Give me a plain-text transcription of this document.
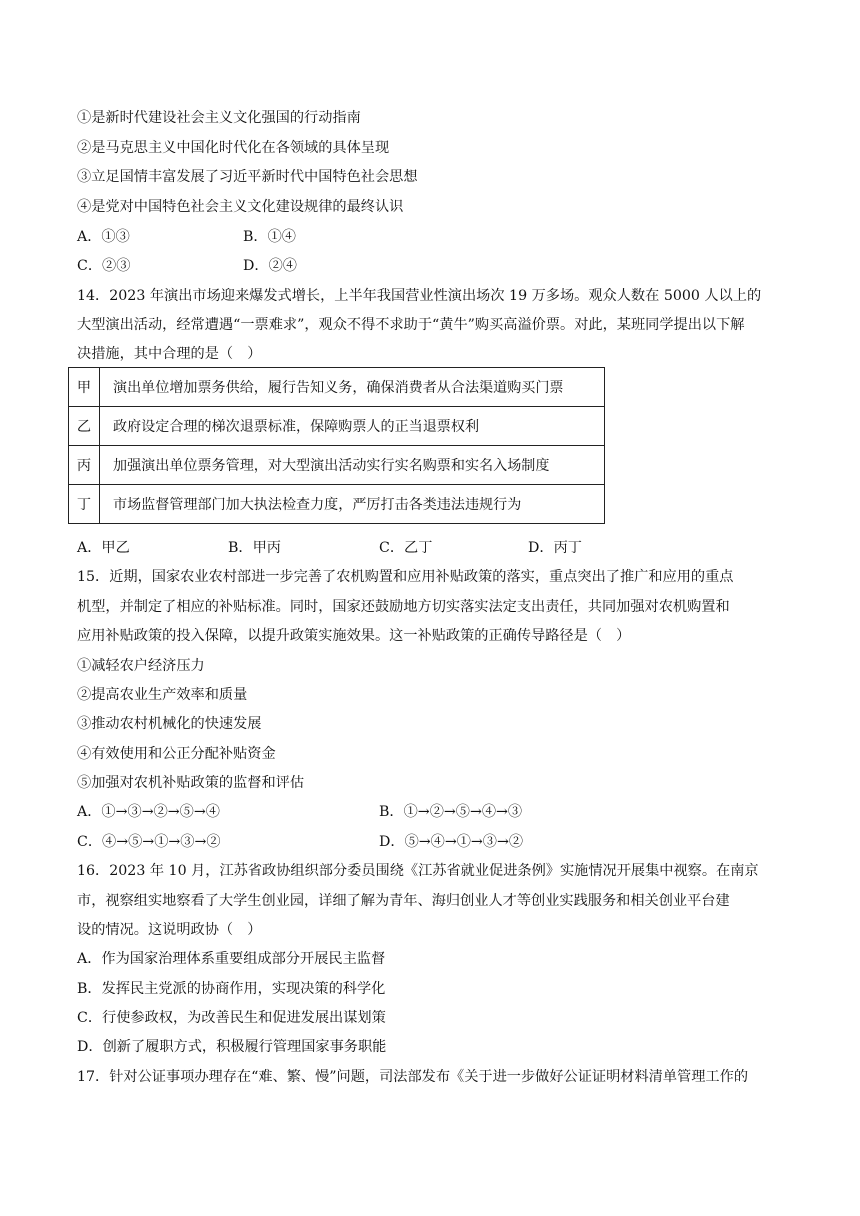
①是新时代建设社会主义文化强国的行动指南
②是马克思主义中国化时代化在各领域的具体呈现
③立足国情丰富发展了习近平新时代中国特色社会思想
④是党对中国特色社会主义文化建设规律的最终认识
A．①③	B．①④
C．②③	D．②④
14．2023 年演出市场迎来爆发式增长，上半年我国营业性演出场次 19 万多场。观众人数在 5000 人以上的
大型演出活动，经常遭遇“一票难求”，观众不得不求助于“黄牛”购买高溢价票。对此，某班同学提出以下解
决措施，其中合理的是（　）
甲	演出单位增加票务供给，履行告知义务，确保消费者从合法渠道购买门票
乙	政府设定合理的梯次退票标准，保障购票人的正当退票权利
丙	加强演出单位票务管理，对大型演出活动实行实名购票和实名入场制度
丁	市场监督管理部门加大执法检查力度，严厉打击各类违法违规行为
A．甲乙	B．甲丙	C．乙丁	D．丙丁
15．近期，国家农业农村部进一步完善了农机购置和应用补贴政策的落实，重点突出了推广和应用的重点
机型，并制定了相应的补贴标准。同时，国家还鼓励地方切实落实法定支出责任，共同加强对农机购置和
应用补贴政策的投入保障，以提升政策实施效果。这一补贴政策的正确传导路径是（　）
①减轻农户经济压力
②提高农业生产效率和质量
③推动农村机械化的快速发展
④有效使用和公正分配补贴资金
⑤加强对农机补贴政策的监督和评估
A．①→③→②→⑤→④	B．①→②→⑤→④→③
C．④→⑤→①→③→②	D．⑤→④→①→③→②
16．2023 年 10 月，江苏省政协组织部分委员围绕《江苏省就业促进条例》实施情况开展集中视察。在南京
市，视察组实地察看了大学生创业园，详细了解为青年、海归创业人才等创业实践服务和相关创业平台建
设的情况。这说明政协（　）
A．作为国家治理体系重要组成部分开展民主监督
B．发挥民主党派的协商作用，实现决策的科学化
C．行使参政权，为改善民生和促进发展出谋划策
D．创新了履职方式，积极履行管理国家事务职能
17．针对公证事项办理存在“难、繁、慢”问题，司法部发布《关于进一步做好公证证明材料清单管理工作的
